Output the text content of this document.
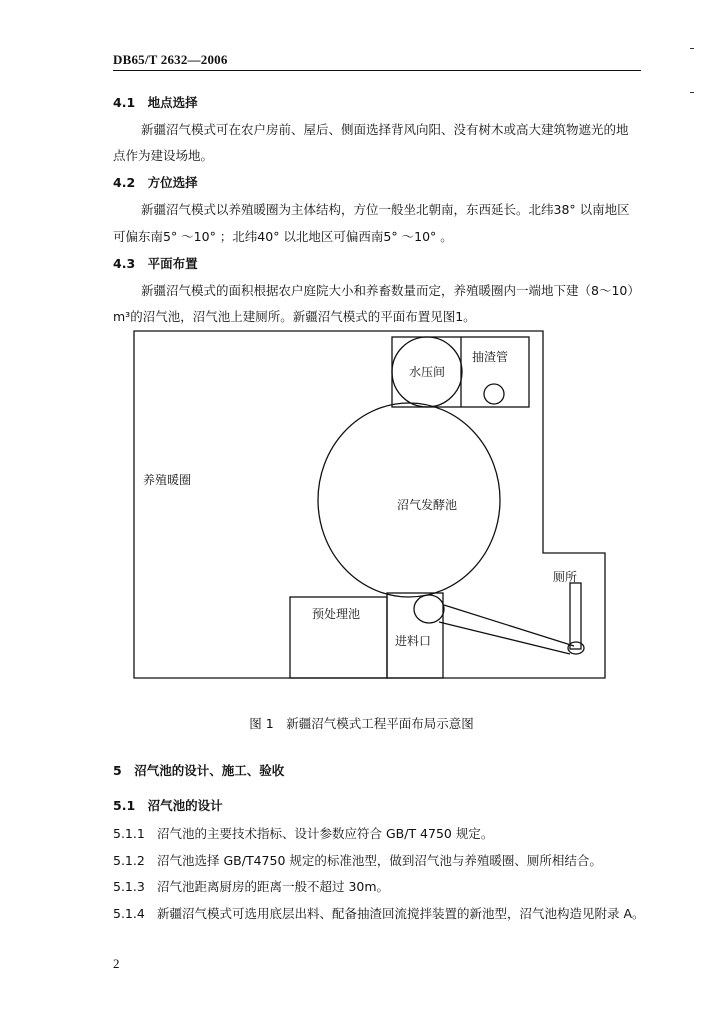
DB65/T 2632—2006
4.1　地点选择
新疆沼气模式可在农户房前、屋后、侧面选择背风向阳、没有树木或高大建筑物遮光的地
点作为建设场地。
4.2　方位选择
新疆沼气模式以养殖暖圈为主体结构，方位一般坐北朝南，东西延长。北纬38° 以南地区
可偏东南5° ～10° ；北纬40° 以北地区可偏西南5° ～10° 。
4.3　平面布置
新疆沼气模式的面积根据农户庭院大小和养畜数量而定，养殖暖圈内一端地下建（8～10）
m³的沼气池，沼气池上建厕所。新疆沼气模式的平面布置见图1。
养殖暖圈
水压间
抽渣管
沼气发酵池
厕所
预处理池
进料口
图 1　新疆沼气模式工程平面布局示意图
5　沼气池的设计、施工、验收
5.1　沼气池的设计
5.1.1 沼气池的主要技术指标、设计参数应符合 GB/T 4750 规定。
5.1.2 沼气池选择 GB/T4750 规定的标准池型，做到沼气池与养殖暖圈、厕所相结合。
5.1.3 沼气池距离厨房的距离一般不超过 30m。
5.1.4 新疆沼气模式可选用底层出料、配备抽渣回流搅拌装置的新池型，沼气池构造见附录 A。
2
